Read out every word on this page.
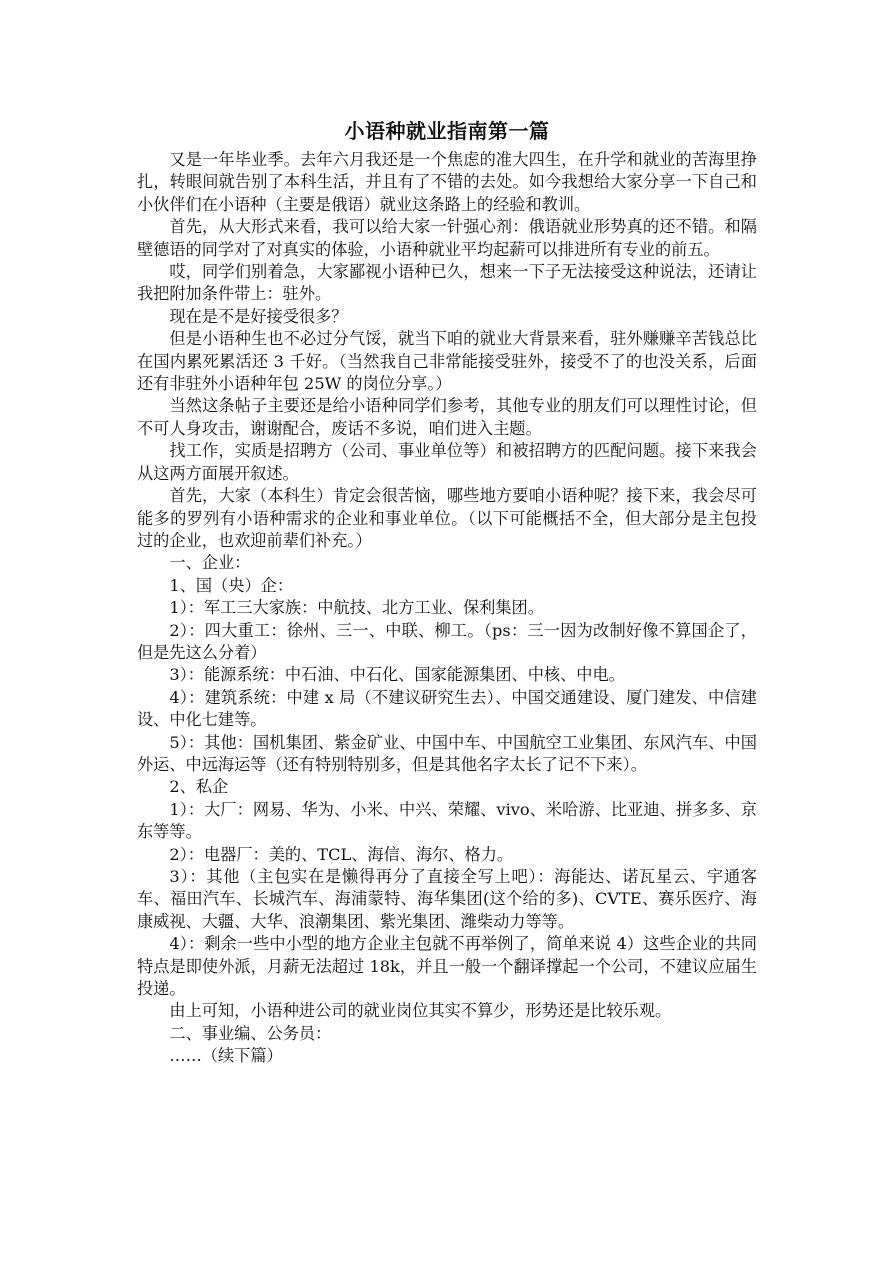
小语种就业指南第一篇

又是一年毕业季。去年六月我还是一个焦虑的准大四生，在升学和就业的苦海里挣扎，转眼间就告别了本科生活，并且有了不错的去处。如今我想给大家分享一下自己和小伙伴们在小语种（主要是俄语）就业这条路上的经验和教训。

首先，从大形式来看，我可以给大家一针强心剂：俄语就业形势真的还不错。和隔壁德语的同学对了对真实的体验，小语种就业平均起薪可以排进所有专业的前五。

哎，同学们别着急，大家鄙视小语种已久，想来一下子无法接受这种说法，还请让我把附加条件带上：驻外。

现在是不是好接受很多？

但是小语种生也不必过分气馁，就当下咱的就业大背景来看，驻外赚赚辛苦钱总比在国内累死累活还 3 千好。（当然我自己非常能接受驻外，接受不了的也没关系，后面还有非驻外小语种年包 25W 的岗位分享。）

当然这条帖子主要还是给小语种同学们参考，其他专业的朋友们可以理性讨论，但不可人身攻击，谢谢配合，废话不多说，咱们进入主题。

找工作，实质是招聘方（公司、事业单位等）和被招聘方的匹配问题。接下来我会从这两方面展开叙述。

首先，大家（本科生）肯定会很苦恼，哪些地方要咱小语种呢？接下来，我会尽可能多的罗列有小语种需求的企业和事业单位。（以下可能概括不全，但大部分是主包投过的企业，也欢迎前辈们补充。）

一、企业：

1、国（央）企：

1）：军工三大家族：中航技、北方工业、保利集团。

2）：四大重工：徐州、三一、中联、柳工。（ps：三一因为改制好像不算国企了，但是先这么分着）

3）：能源系统：中石油、中石化、国家能源集团、中核、中电。

4）：建筑系统：中建 x 局（不建议研究生去）、中国交通建设、厦门建发、中信建设、中化七建等。

5）：其他：国机集团、紫金矿业、中国中车、中国航空工业集团、东风汽车、中国外运、中远海运等（还有特别特别多，但是其他名字太长了记不下来）。

2、私企

1）：大厂：网易、华为、小米、中兴、荣耀、vivo、米哈游、比亚迪、拼多多、京东等等。

2）：电器厂：美的、TCL、海信、海尔、格力。

3）：其他（主包实在是懒得再分了直接全写上吧）：海能达、诺瓦星云、宇通客车、福田汽车、长城汽车、海浦蒙特、海华集团(这个给的多)、CVTE、赛乐医疗、海康威视、大疆、大华、浪潮集团、紫光集团、潍柴动力等等。

4）：剩余一些中小型的地方企业主包就不再举例了，简单来说 4）这些企业的共同特点是即使外派，月薪无法超过 18k，并且一般一个翻译撑起一个公司，不建议应届生投递。

由上可知，小语种进公司的就业岗位其实不算少，形势还是比较乐观。

二、事业编、公务员：

……（续下篇）
